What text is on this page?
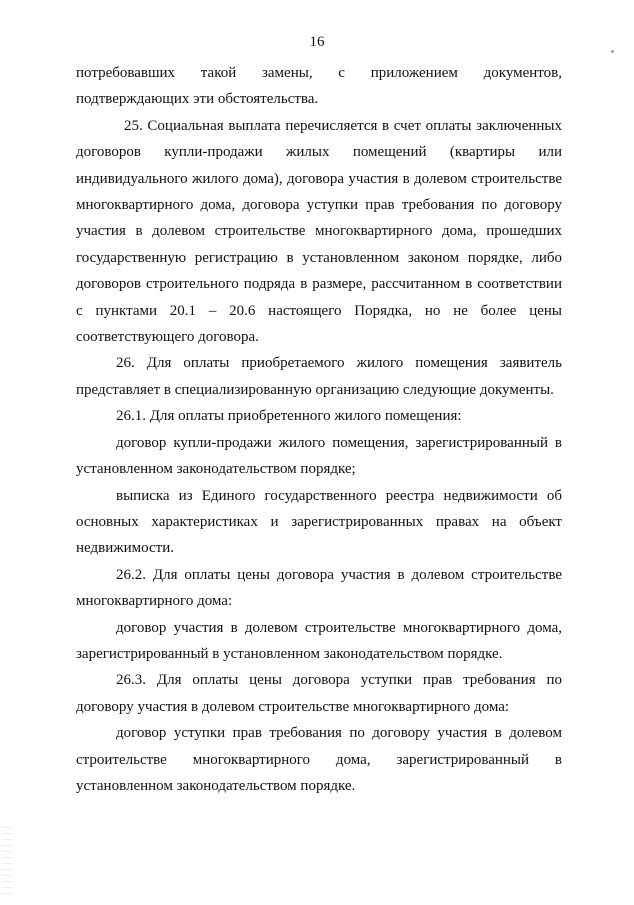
16

потребовавших такой замены, с приложением документов, подтверждающих эти обстоятельства.

25. Социальная выплата перечисляется в счет оплаты заключенных договоров купли-продажи жилых помещений (квартиры или индивидуального жилого дома), договора участия в долевом строительстве многоквартирного дома, договора уступки прав требования по договору участия в долевом строительстве многоквартирного дома, прошедших государственную регистрацию в установленном законом порядке, либо договоров строительного подряда в размере, рассчитанном в соответствии с пунктами 20.1 – 20.6 настоящего Порядка, но не более цены соответствующего договора.

26. Для оплаты приобретаемого жилого помещения заявитель представляет в специализированную организацию следующие документы.

26.1. Для оплаты приобретенного жилого помещения:

договор купли-продажи жилого помещения, зарегистрированный в установленном законодательством порядке;

выписка из Единого государственного реестра недвижимости об основных характеристиках и зарегистрированных правах на объект недвижимости.

26.2. Для оплаты цены договора участия в долевом строительстве многоквартирного дома:

договор участия в долевом строительстве многоквартирного дома, зарегистрированный в установленном законодательством порядке.

26.3. Для оплаты цены договора уступки прав требования по договору участия в долевом строительстве многоквартирного дома:

договор уступки прав требования по договору участия в долевом строительстве многоквартирного дома, зарегистрированный в установленном законодательством порядке.
